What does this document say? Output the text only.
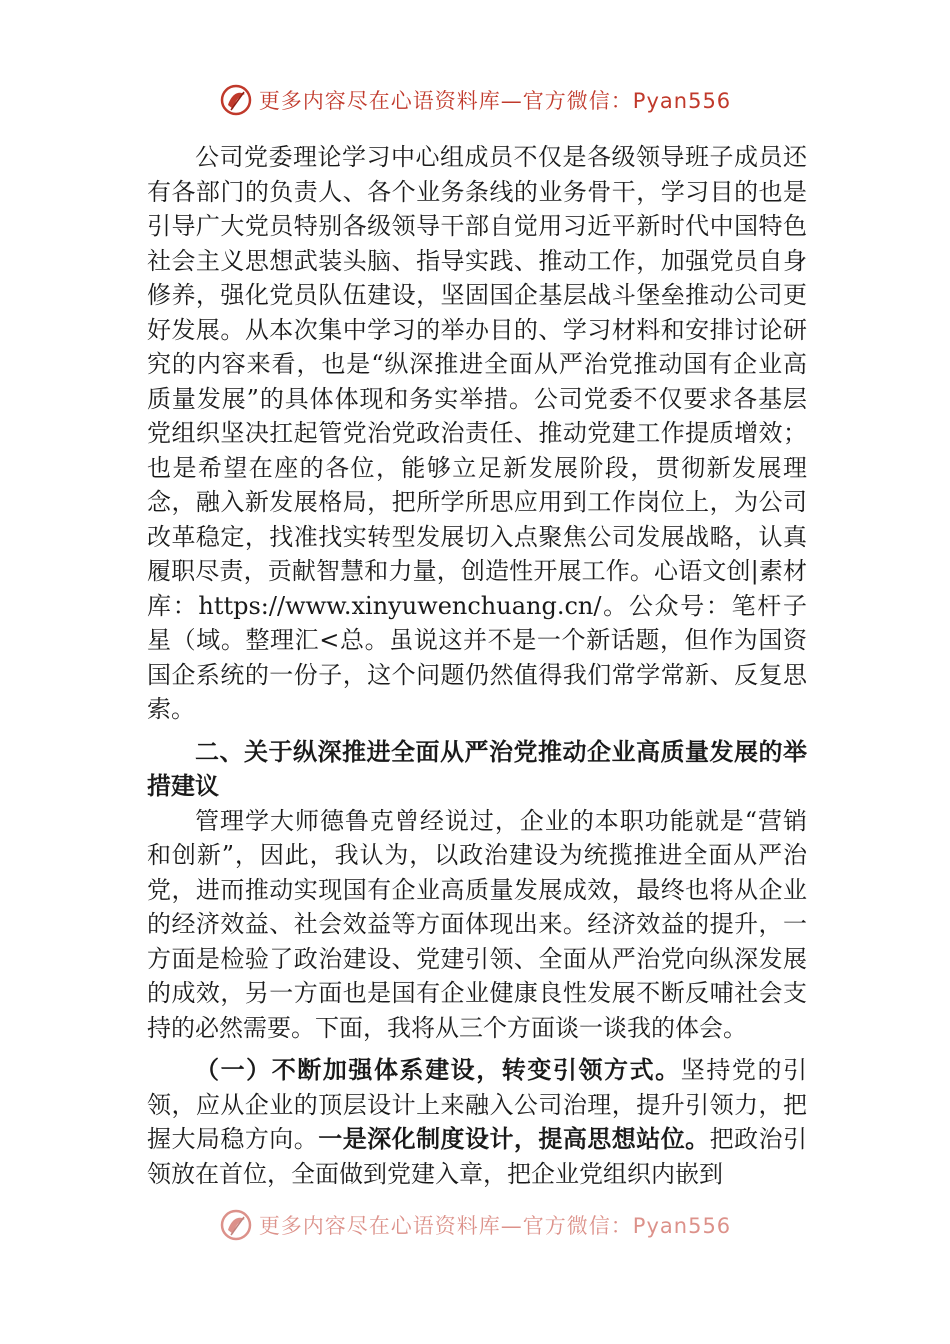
更多内容尽在心语资料库—官方微信：Pyan556

公司党委理论学习中心组成员不仅是各级领导班子成员还有各部门的负责人、各个业务条线的业务骨干，学习目的也是引导广大党员特别各级领导干部自觉用习近平新时代中国特色社会主义思想武装头脑、指导实践、推动工作，加强党员自身修养，强化党员队伍建设，坚固国企基层战斗堡垒推动公司更好发展。从本次集中学习的举办目的、学习材料和安排讨论研究的内容来看，也是“纵深推进全面从严治党推动国有企业高质量发展”的具体体现和务实举措。公司党委不仅要求各基层党组织坚决扛起管党治党政治责任、推动党建工作提质增效；也是希望在座的各位，能够立足新发展阶段，贯彻新发展理念，融入新发展格局，把所学所思应用到工作岗位上，为公司改革稳定，找准找实转型发展切入点聚焦公司发展战略，认真履职尽责，贡献智慧和力量，创造性开展工作。心语文创|素材库：https://www.xinyuwenchuang.cn/。公众号：笔杆子星（域。整理汇<总。虽说这并不是一个新话题，但作为国资国企系统的一份子，这个问题仍然值得我们常学常新、反复思索。

二、关于纵深推进全面从严治党推动企业高质量发展的举措建议

管理学大师德鲁克曾经说过，企业的本职功能就是“营销和创新”，因此，我认为，以政治建设为统揽推进全面从严治党，进而推动实现国有企业高质量发展成效，最终也将从企业的经济效益、社会效益等方面体现出来。经济效益的提升，一方面是检验了政治建设、党建引领、全面从严治党向纵深发展的成效，另一方面也是国有企业健康良性发展不断反哺社会支持的必然需要。下面，我将从三个方面谈一谈我的体会。

（一）不断加强体系建设，转变引领方式。坚持党的引领，应从企业的顶层设计上来融入公司治理，提升引领力，把握大局稳方向。一是深化制度设计，提高思想站位。把政治引领放在首位，全面做到党建入章，把企业党组织内嵌到

更多内容尽在心语资料库—官方微信：Pyan556
